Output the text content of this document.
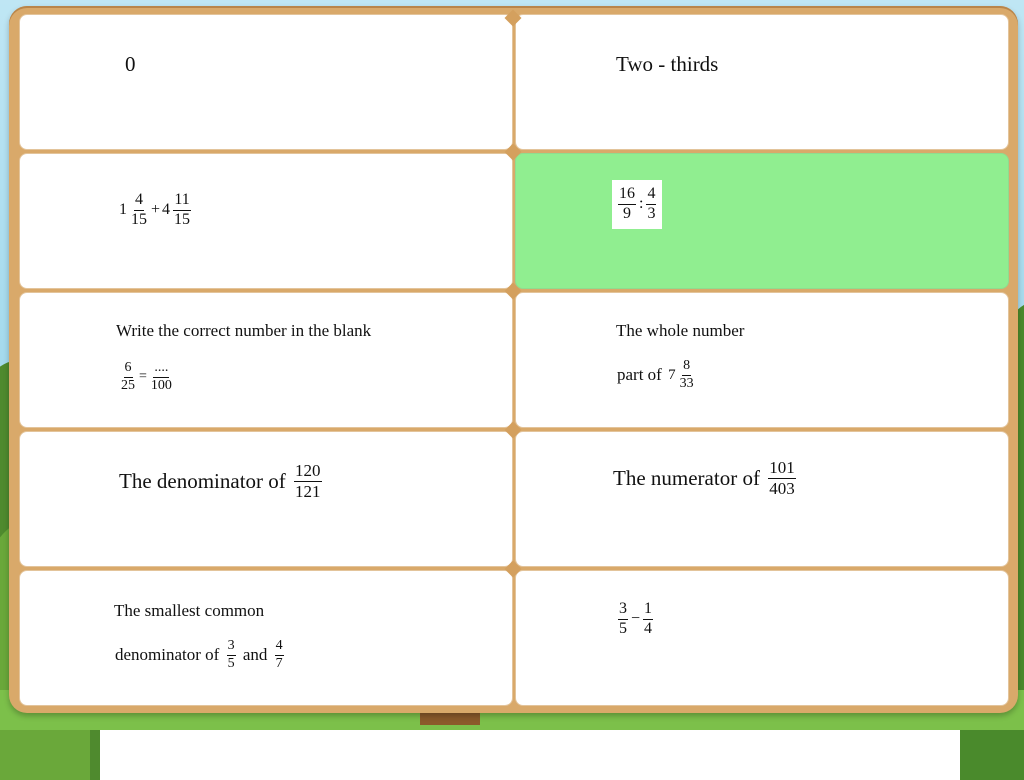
0	Two - thirds
$1 \frac{4}{15} + 4 \frac{11}{15}$	$\frac{16}{9}$ : $\frac{4}{3}$
Write the correct number in the blank
$\frac{6}{25} = \frac{....}{100}$
The whole number
part of $7 \frac{8}{33}$
The denominator of $\frac{120}{121}$	The numerator of $\frac{101}{403}$
The smallest common
denominator of $\frac{3}{5}$ and $\frac{4}{7}$
$\frac{3}{5} - \frac{1}{4}$
